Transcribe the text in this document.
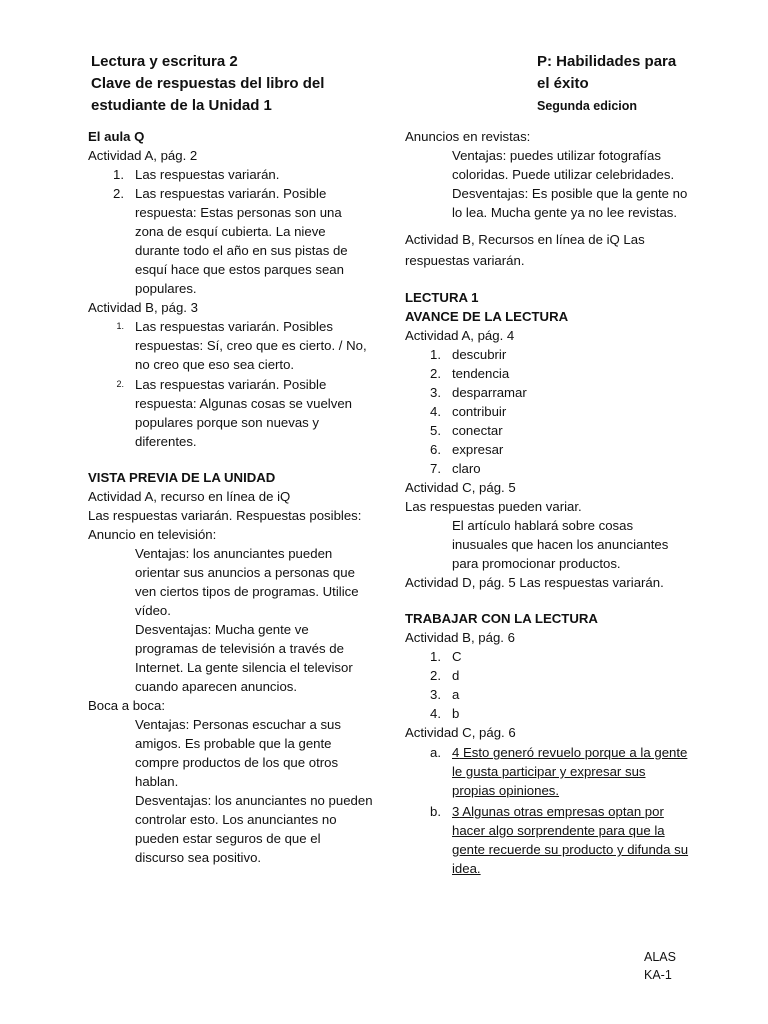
Lectura y escritura 2
Clave de respuestas del libro del
estudiante de la Unidad 1
P: Habilidades para
el éxito
Segunda edicion
El aula Q
Actividad A, pág. 2
1. Las respuestas variarán.
2. Las respuestas variarán. Posible respuesta: Estas personas son una zona de esquí cubierta. La nieve durante todo el año en sus pistas de esquí hace que estos parques sean populares.
Actividad B, pág. 3
1. Las respuestas variarán. Posibles respuestas: Sí, creo que es cierto. / No, no creo que eso sea cierto.
2. Las respuestas variarán. Posible respuesta: Algunas cosas se vuelven populares porque son nuevas y diferentes.
VISTA PREVIA DE LA UNIDAD
Actividad A, recurso en línea de iQ
Las respuestas variarán. Respuestas posibles:
Anuncio en televisión:
Ventajas: los anunciantes pueden orientar sus anuncios a personas que ven ciertos tipos de programas. Utilice vídeo.
Desventajas: Mucha gente ve programas de televisión a través de Internet. La gente silencia el televisor cuando aparecen anuncios.
Boca a boca:
Ventajas: Personas escuchar a sus amigos. Es probable que la gente compre productos de los que otros hablan.
Desventajas: los anunciantes no pueden controlar esto. Los anunciantes no pueden estar seguros de que el discurso sea positivo.
Anuncios en revistas:
Ventajas: puedes utilizar fotografías coloridas. Puede utilizar celebridades.
Desventajas: Es posible que la gente no lo lea. Mucha gente ya no lee revistas.
Actividad B, Recursos en línea de iQ Las respuestas variarán.
LECTURA 1
AVANCE DE LA LECTURA
Actividad A, pág. 4
1. descubrir
2. tendencia
3. desparramar
4. contribuir
5. conectar
6. expresar
7. claro
Actividad C, pág. 5
Las respuestas pueden variar.
El artículo hablará sobre cosas inusuales que hacen los anunciantes para promocionar productos.
Actividad D, pág. 5 Las respuestas variarán.
TRABAJAR CON LA LECTURA
Actividad B, pág. 6
1. C
2. d
3. a
4. b
Actividad C, pág. 6
a. 4 Esto generó revuelo porque a la gente le gusta participar y expresar sus propias opiniones.
b. 3 Algunas otras empresas optan por hacer algo sorprendente para que la gente recuerde su producto y difunda su idea.
ALAS
KA-1
